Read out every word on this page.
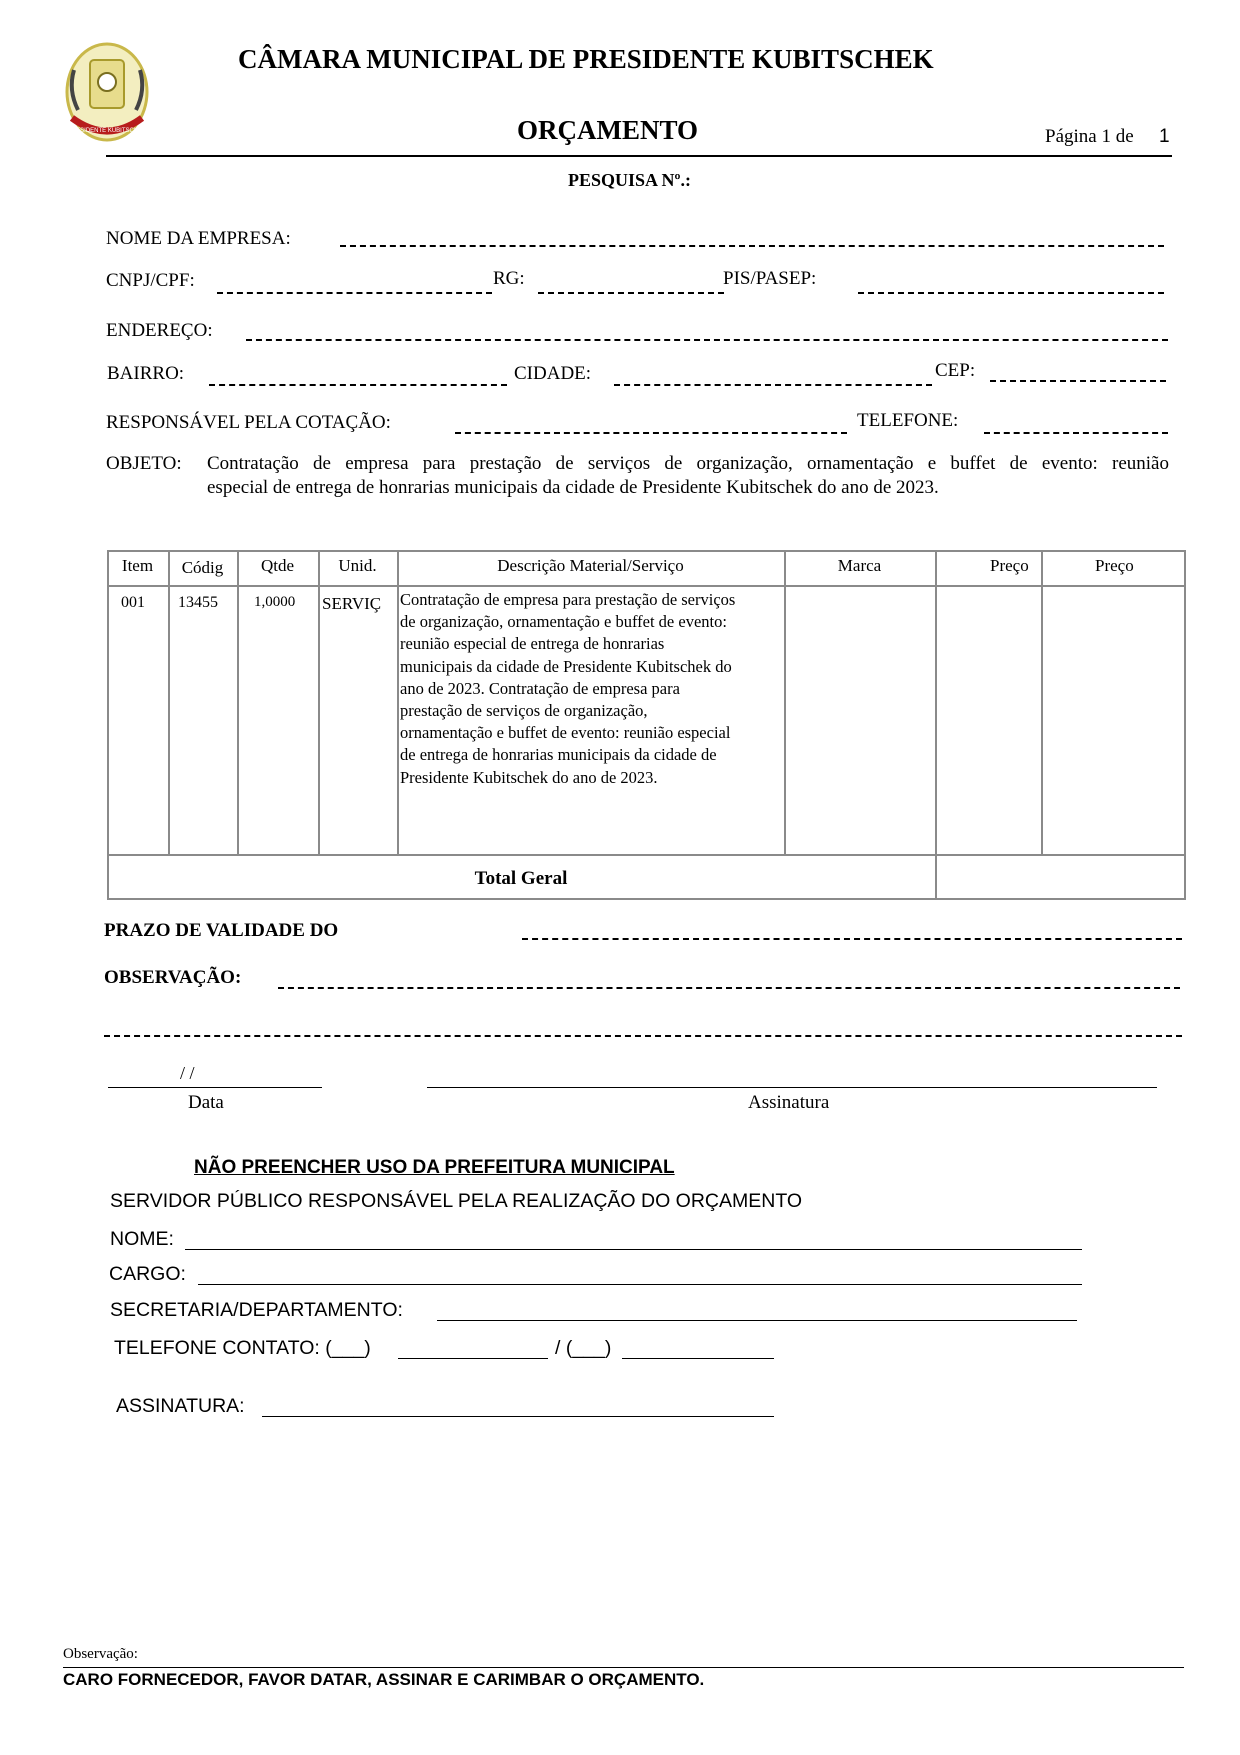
PRESIDENTE KUBITSCHEK
CÂMARA MUNICIPAL DE PRESIDENTE KUBITSCHEK
ORÇAMENTO	Página 1 de 1
PESQUISA Nº.:
NOME DA EMPRESA:
CNPJ/CPF:	RG:	PIS/PASEP:
ENDEREÇO:
BAIRRO:	CIDADE:	CEP:
RESPONSÁVEL PELA COTAÇÃO:	TELEFONE:
OBJETO: Contratação de empresa para prestação de serviços de organização, ornamentação e buffet de evento: reunião
especial de entrega de honrarias municipais da cidade de Presidente Kubitschek do ano de 2023.
Item	Códig	Qtde	Unid.	Descrição Material/Serviço	Marca	Preço	Preço
001 13455 1,0000 SERVIÇ	Contratação de empresa para prestação de serviços
de organização, ornamentação e buffet de evento:
reunião especial de entrega de honrarias
municipais da cidade de Presidente Kubitschek do
ano de 2023. Contratação de empresa para
prestação de serviços de organização,
ornamentação e buffet de evento: reunião especial
de entrega de honrarias municipais da cidade de
Presidente Kubitschek do ano de 2023.
Total Geral
PRAZO DE VALIDADE DO
OBSERVAÇÃO:
/ /
Data	Assinatura
NÃO PREENCHER USO DA PREFEITURA MUNICIPAL
SERVIDOR PÚBLICO RESPONSÁVEL PELA REALIZAÇÃO DO ORÇAMENTO
NOME:
CARGO:
SECRETARIA/DEPARTAMENTO:
TELEFONE CONTATO: (___)	/ (___)
ASSINATURA:
Observação:
CARO FORNECEDOR, FAVOR DATAR, ASSINAR E CARIMBAR O ORÇAMENTO.
